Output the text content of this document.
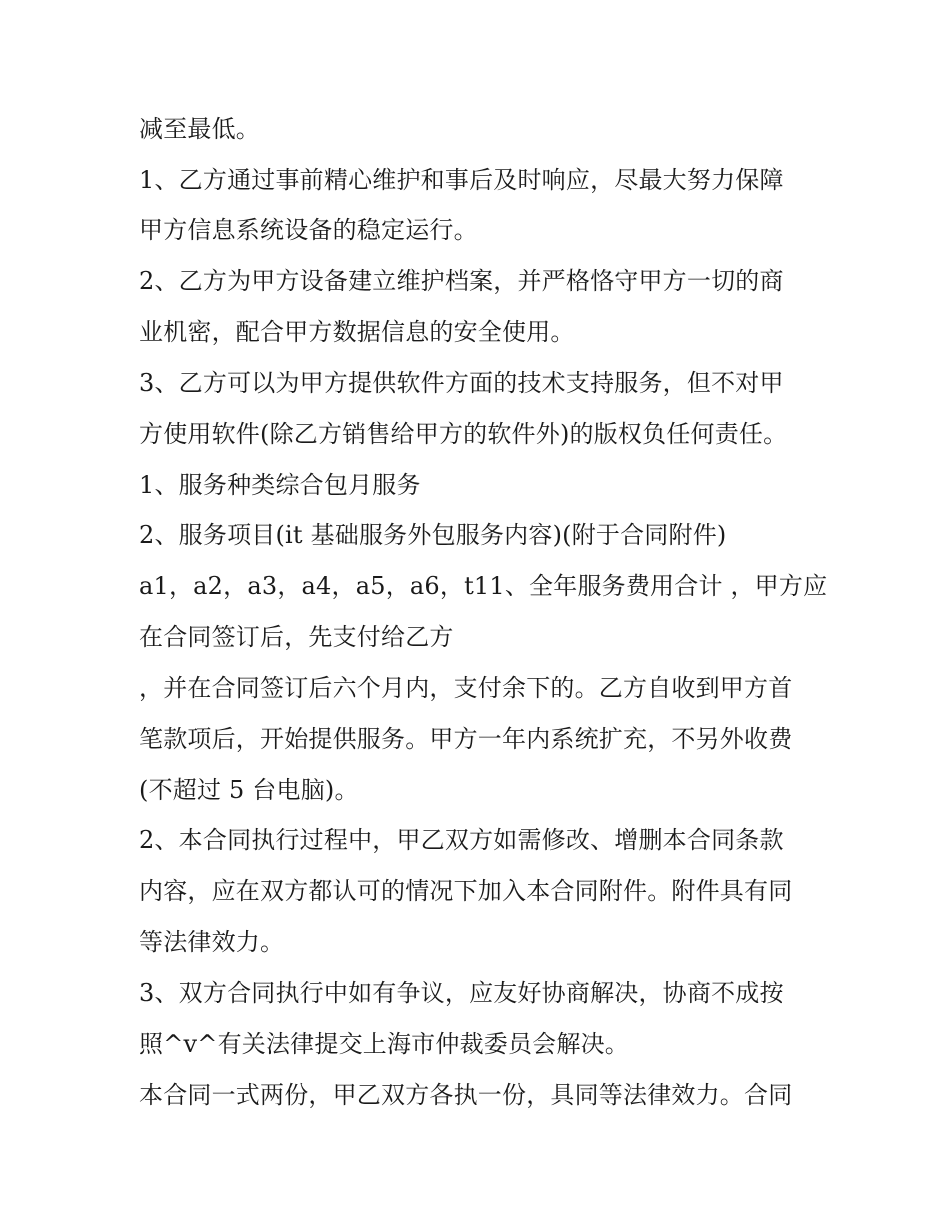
减至最低。
1、乙方通过事前精心维护和事后及时响应，尽最大努力保障
甲方信息系统设备的稳定运行。
2、乙方为甲方设备建立维护档案，并严格恪守甲方一切的商
业机密，配合甲方数据信息的安全使用。
3、乙方可以为甲方提供软件方面的技术支持服务，但不对甲
方使用软件(除乙方销售给甲方的软件外)的版权负任何责任。
1、服务种类综合包月服务
2、服务项目(it 基础服务外包服务内容)(附于合同附件)
a1，a2，a3，a4，a5，a6，t11、全年服务费用合计 ，甲方应
在合同签订后，先支付给乙方
，并在合同签订后六个月内，支付余下的。乙方自收到甲方首
笔款项后，开始提供服务。甲方一年内系统扩充，不另外收费
(不超过 5 台电脑)。
2、本合同执行过程中，甲乙双方如需修改、增删本合同条款
内容，应在双方都认可的情况下加入本合同附件。附件具有同
等法律效力。
3、双方合同执行中如有争议，应友好协商解决，协商不成按
照^v^有关法律提交上海市仲裁委员会解决。
本合同一式两份，甲乙双方各执一份，具同等法律效力。合同
